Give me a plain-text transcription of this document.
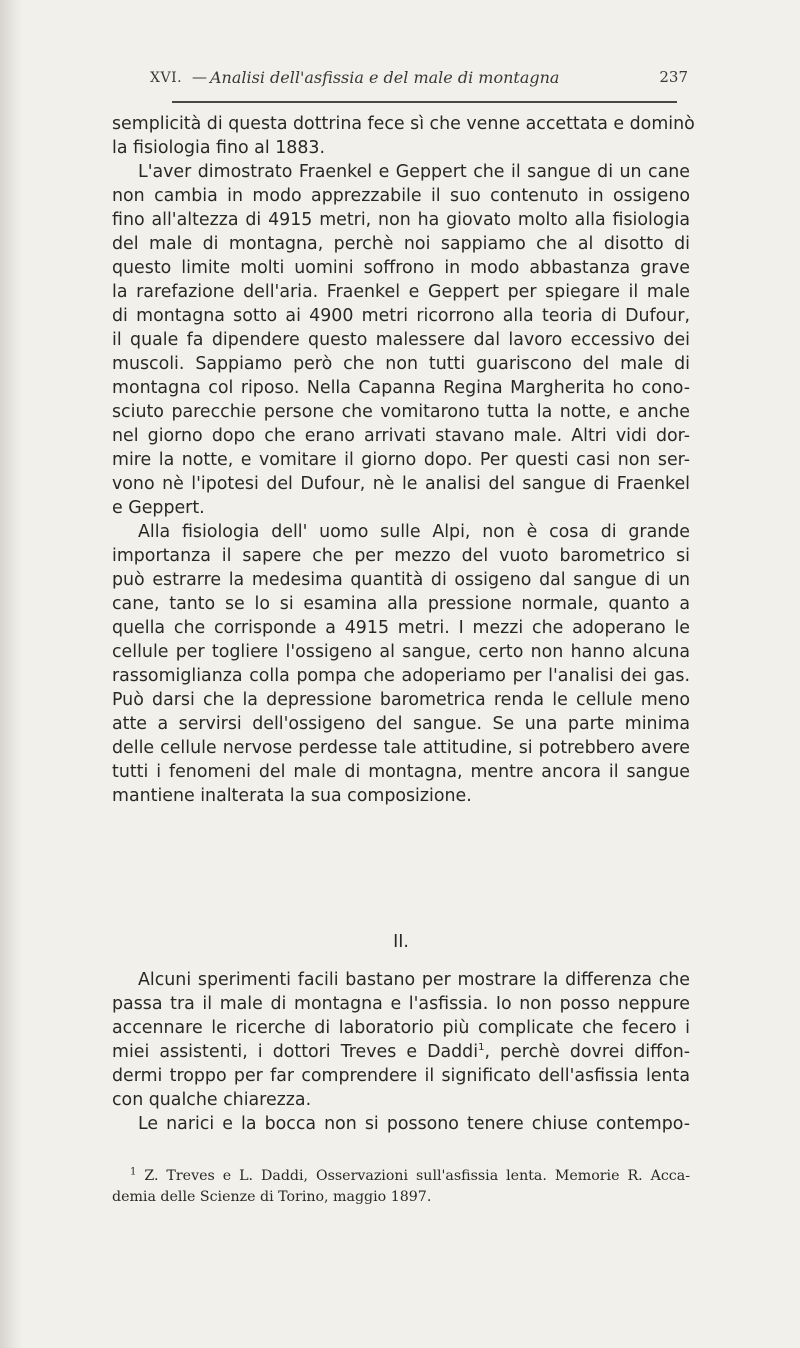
XVI. — Analisi dell'asfissia e del male di montagna	237
semplicità di questa dottrina fece sì che venne accettata e dominò
la fisiologia fino al 1883.
L'aver dimostrato Fraenkel e Geppert che il sangue di un cane
non cambia in modo apprezzabile il suo contenuto in ossigeno
fino all'altezza di 4915 metri, non ha giovato molto alla fisiologia
del male di montagna, perchè noi sappiamo che al disotto di
questo limite molti uomini soffrono in modo abbastanza grave
la rarefazione dell'aria. Fraenkel e Geppert per spiegare il male
di montagna sotto ai 4900 metri ricorrono alla teoria di Dufour,
il quale fa dipendere questo malessere dal lavoro eccessivo dei
muscoli. Sappiamo però che non tutti guariscono del male di
montagna col riposo. Nella Capanna Regina Margherita ho cono-
sciuto parecchie persone che vomitarono tutta la notte, e anche
nel giorno dopo che erano arrivati stavano male. Altri vidi dor-
mire la notte, e vomitare il giorno dopo. Per questi casi non ser-
vono nè l'ipotesi del Dufour, nè le analisi del sangue di Fraenkel
e Geppert.
Alla fisiologia dell' uomo sulle Alpi, non è cosa di grande
importanza il sapere che per mezzo del vuoto barometrico si
può estrarre la medesima quantità di ossigeno dal sangue di un
cane, tanto se lo si esamina alla pressione normale, quanto a
quella che corrisponde a 4915 metri. I mezzi che adoperano le
cellule per togliere l'ossigeno al sangue, certo non hanno alcuna
rassomiglianza colla pompa che adoperiamo per l'analisi dei gas.
Può darsi che la depressione barometrica renda le cellule meno
atte a servirsi dell'ossigeno del sangue. Se una parte minima
delle cellule nervose perdesse tale attitudine, si potrebbero avere
tutti i fenomeni del male di montagna, mentre ancora il sangue
mantiene inalterata la sua composizione.
II.
Alcuni sperimenti facili bastano per mostrare la differenza che
passa tra il male di montagna e l'asfissia. Io non posso neppure
accennare le ricerche di laboratorio più complicate che fecero i
miei assistenti, i dottori Treves e Daddi$^1$, perchè dovrei diffon-
dermi troppo per far comprendere il significato dell'asfissia lenta
con qualche chiarezza.
Le narici e la bocca non si possono tenere chiuse contempo-
$^1$ Z. Treves e L. Daddi, Osservazioni sull'asfissia lenta. Memorie R. Acca-
demia delle Scienze di Torino, maggio 1897.
